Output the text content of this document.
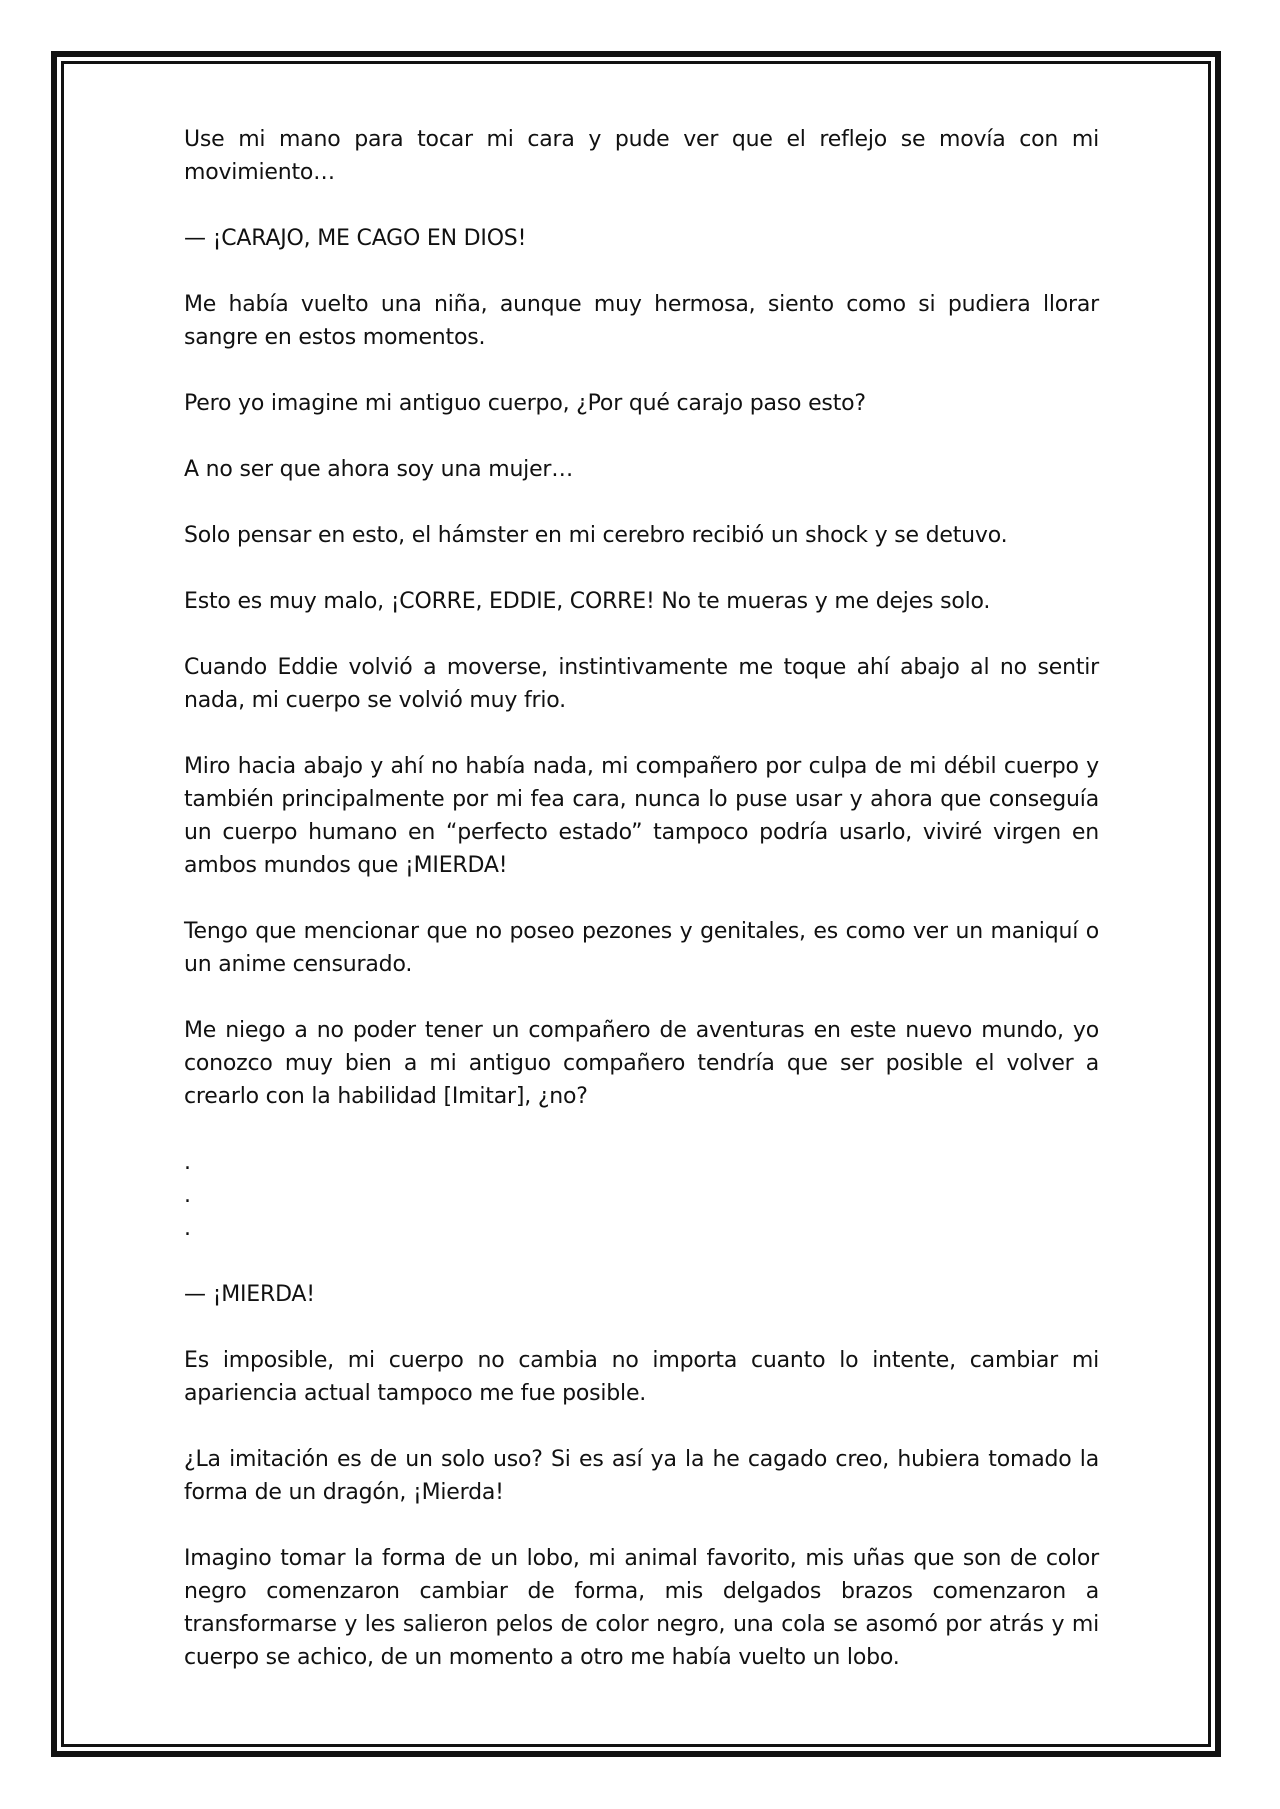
Use mi mano para tocar mi cara y pude ver que el reflejo se movía con mi movimiento…

— ¡CARAJO, ME CAGO EN DIOS!

Me había vuelto una niña, aunque muy hermosa, siento como si pudiera llorar sangre en estos momentos.

Pero yo imagine mi antiguo cuerpo, ¿Por qué carajo paso esto?

A no ser que ahora soy una mujer…

Solo pensar en esto, el hámster en mi cerebro recibió un shock y se detuvo.

Esto es muy malo, ¡CORRE, EDDIE, CORRE! No te mueras y me dejes solo.

Cuando Eddie volvió a moverse, instintivamente me toque ahí abajo al no sentir nada, mi cuerpo se volvió muy frio.

Miro hacia abajo y ahí no había nada, mi compañero por culpa de mi débil cuerpo y también principalmente por mi fea cara, nunca lo puse usar y ahora que conseguía un cuerpo humano en “perfecto estado” tampoco podría usarlo, viviré virgen en ambos mundos que ¡MIERDA!

Tengo que mencionar que no poseo pezones y genitales, es como ver un maniquí o un anime censurado.

Me niego a no poder tener un compañero de aventuras en este nuevo mundo, yo conozco muy bien a mi antiguo compañero tendría que ser posible el volver a crearlo con la habilidad [Imitar], ¿no?

.
.
.

— ¡MIERDA!

Es imposible, mi cuerpo no cambia no importa cuanto lo intente, cambiar mi apariencia actual tampoco me fue posible.

¿La imitación es de un solo uso? Si es así ya la he cagado creo, hubiera tomado la forma de un dragón, ¡Mierda!

Imagino tomar la forma de un lobo, mi animal favorito, mis uñas que son de color negro comenzaron cambiar de forma, mis delgados brazos comenzaron a transformarse y les salieron pelos de color negro, una cola se asomó por atrás y mi cuerpo se achico, de un momento a otro me había vuelto un lobo.
